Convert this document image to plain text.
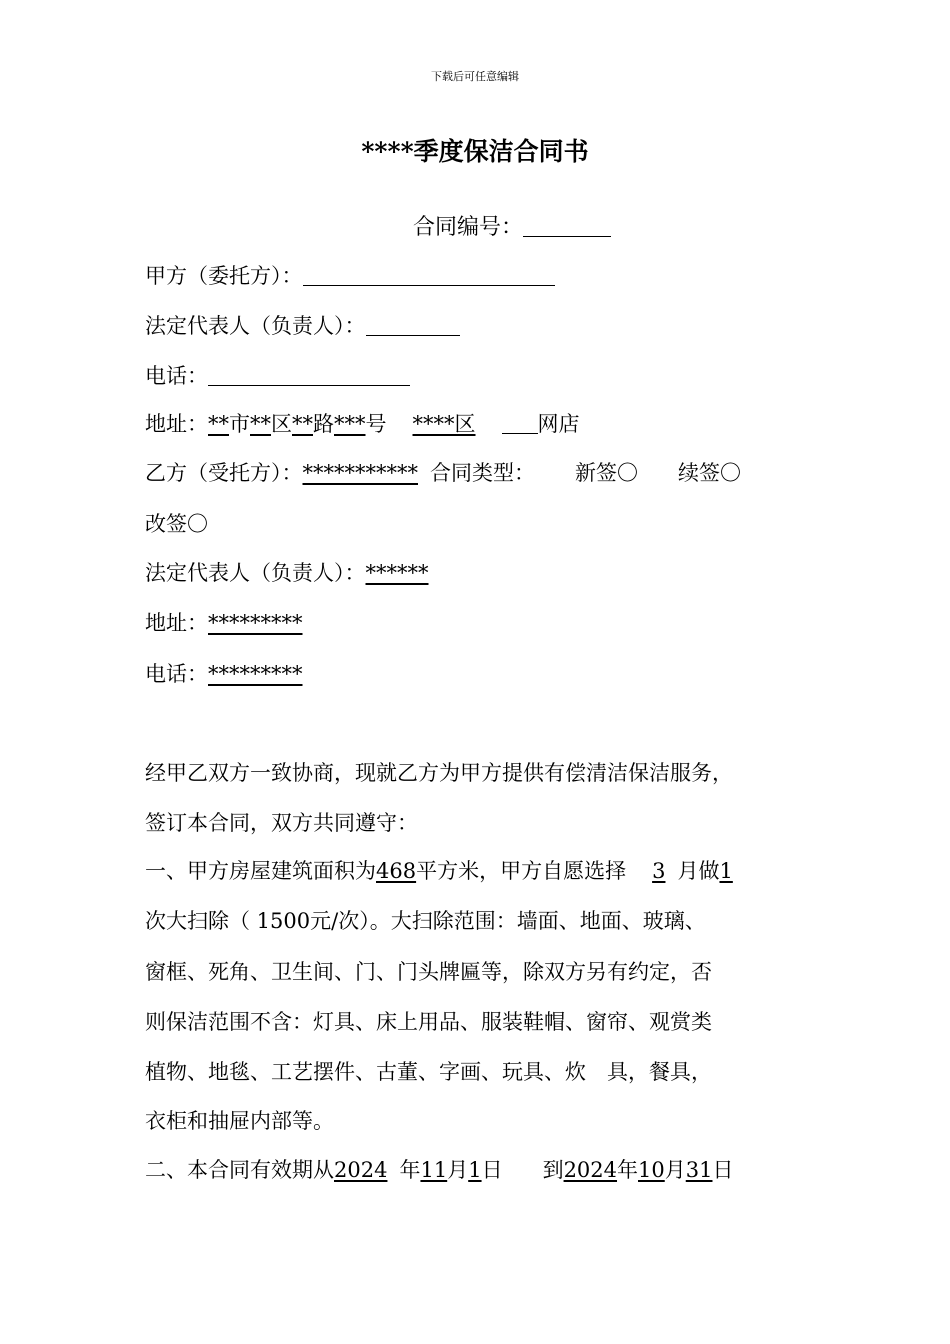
下载后可任意编辑
****季度保洁合同书
合同编号：
甲方（委托方）：
法定代表人（负责人）：
电话：
地址：**市**区**路***号 ****区	网店
乙方（受托方）：*********** 合同类型： 新签〇 续签〇
改签〇
法定代表人（负责人）：******
地址：*********
电话：*********
经甲乙双方一致协商，现就乙方为甲方提供有偿清洁保洁服务，
签订本合同，双方共同遵守：
一、甲方房屋建筑面积为468平方米，甲方自愿选择 3 月做1
次大扫除（ 1500元/次）。大扫除范围：墙面、地面、玻璃、
窗框、死角、卫生间、门、门头牌匾等，除双方另有约定，否
则保洁范围不含：灯具、床上用品、服装鞋帽、窗帘、观赏类
植物、地毯、工艺摆件、古董、字画、玩具、炊　具，餐具，
衣柜和抽屉内部等。
二、本合同有效期从2024 年11月1日 到2024年10月31日
